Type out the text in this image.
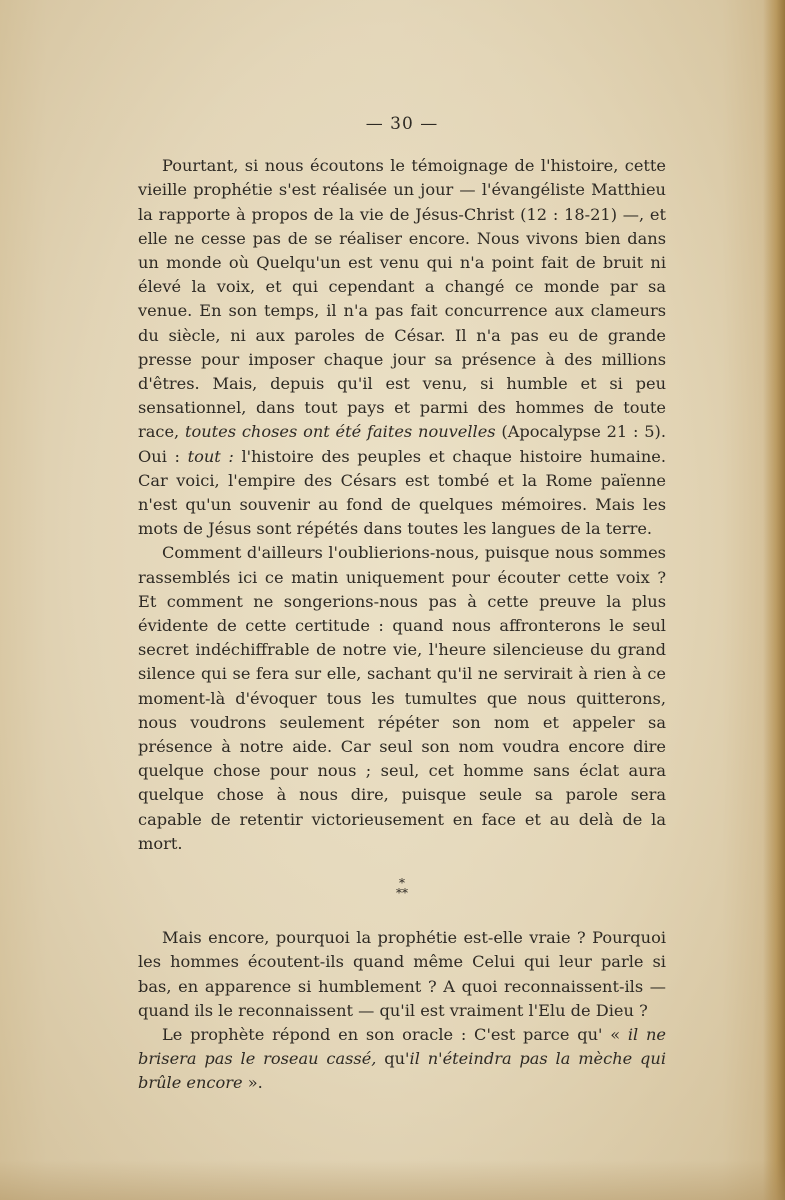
— 30 —

Pourtant, si nous écoutons le témoignage de l'histoire, cette vieille prophétie s'est réalisée un jour — l'évangéliste Matthieu la rapporte à propos de la vie de Jésus-Christ (12 : 18-21) —, et elle ne cesse pas de se réaliser encore. Nous vivons bien dans un monde où Quelqu'un est venu qui n'a point fait de bruit ni élevé la voix, et qui cependant a changé ce monde par sa venue. En son temps, il n'a pas fait concurrence aux clameurs du siècle, ni aux paroles de César. Il n'a pas eu de grande presse pour imposer chaque jour sa présence à des millions d'êtres. Mais, depuis qu'il est venu, si humble et si peu sensationnel, dans tout pays et parmi des hommes de toute race, toutes choses ont été faites nouvelles (Apocalypse 21 : 5). Oui : tout : l'histoire des peuples et chaque histoire humaine. Car voici, l'empire des Césars est tombé et la Rome païenne n'est qu'un souvenir au fond de quelques mémoires. Mais les mots de Jésus sont répétés dans toutes les langues de la terre.

Comment d'ailleurs l'oublierions-nous, puisque nous sommes rassemblés ici ce matin uniquement pour écouter cette voix ? Et comment ne songerions-nous pas à cette preuve la plus évidente de cette certitude : quand nous affronterons le seul secret indéchiffrable de notre vie, l'heure silencieuse du grand silence qui se fera sur elle, sachant qu'il ne servirait à rien à ce moment-là d'évoquer tous les tumultes que nous quitterons, nous voudrons seulement répéter son nom et appeler sa présence à notre aide. Car seul son nom voudra encore dire quelque chose pour nous ; seul, cet homme sans éclat aura quelque chose à nous dire, puisque seule sa parole sera capable de retentir victorieusement en face et au delà de la mort.

*
**

Mais encore, pourquoi la prophétie est-elle vraie ? Pourquoi les hommes écoutent-ils quand même Celui qui leur parle si bas, en apparence si humblement ? A quoi reconnaissent-ils — quand ils le reconnaissent — qu'il est vraiment l'Elu de Dieu ?

Le prophète répond en son oracle : C'est parce qu' « il ne brisera pas le roseau cassé, qu'il n'éteindra pas la mèche qui brûle encore ».
